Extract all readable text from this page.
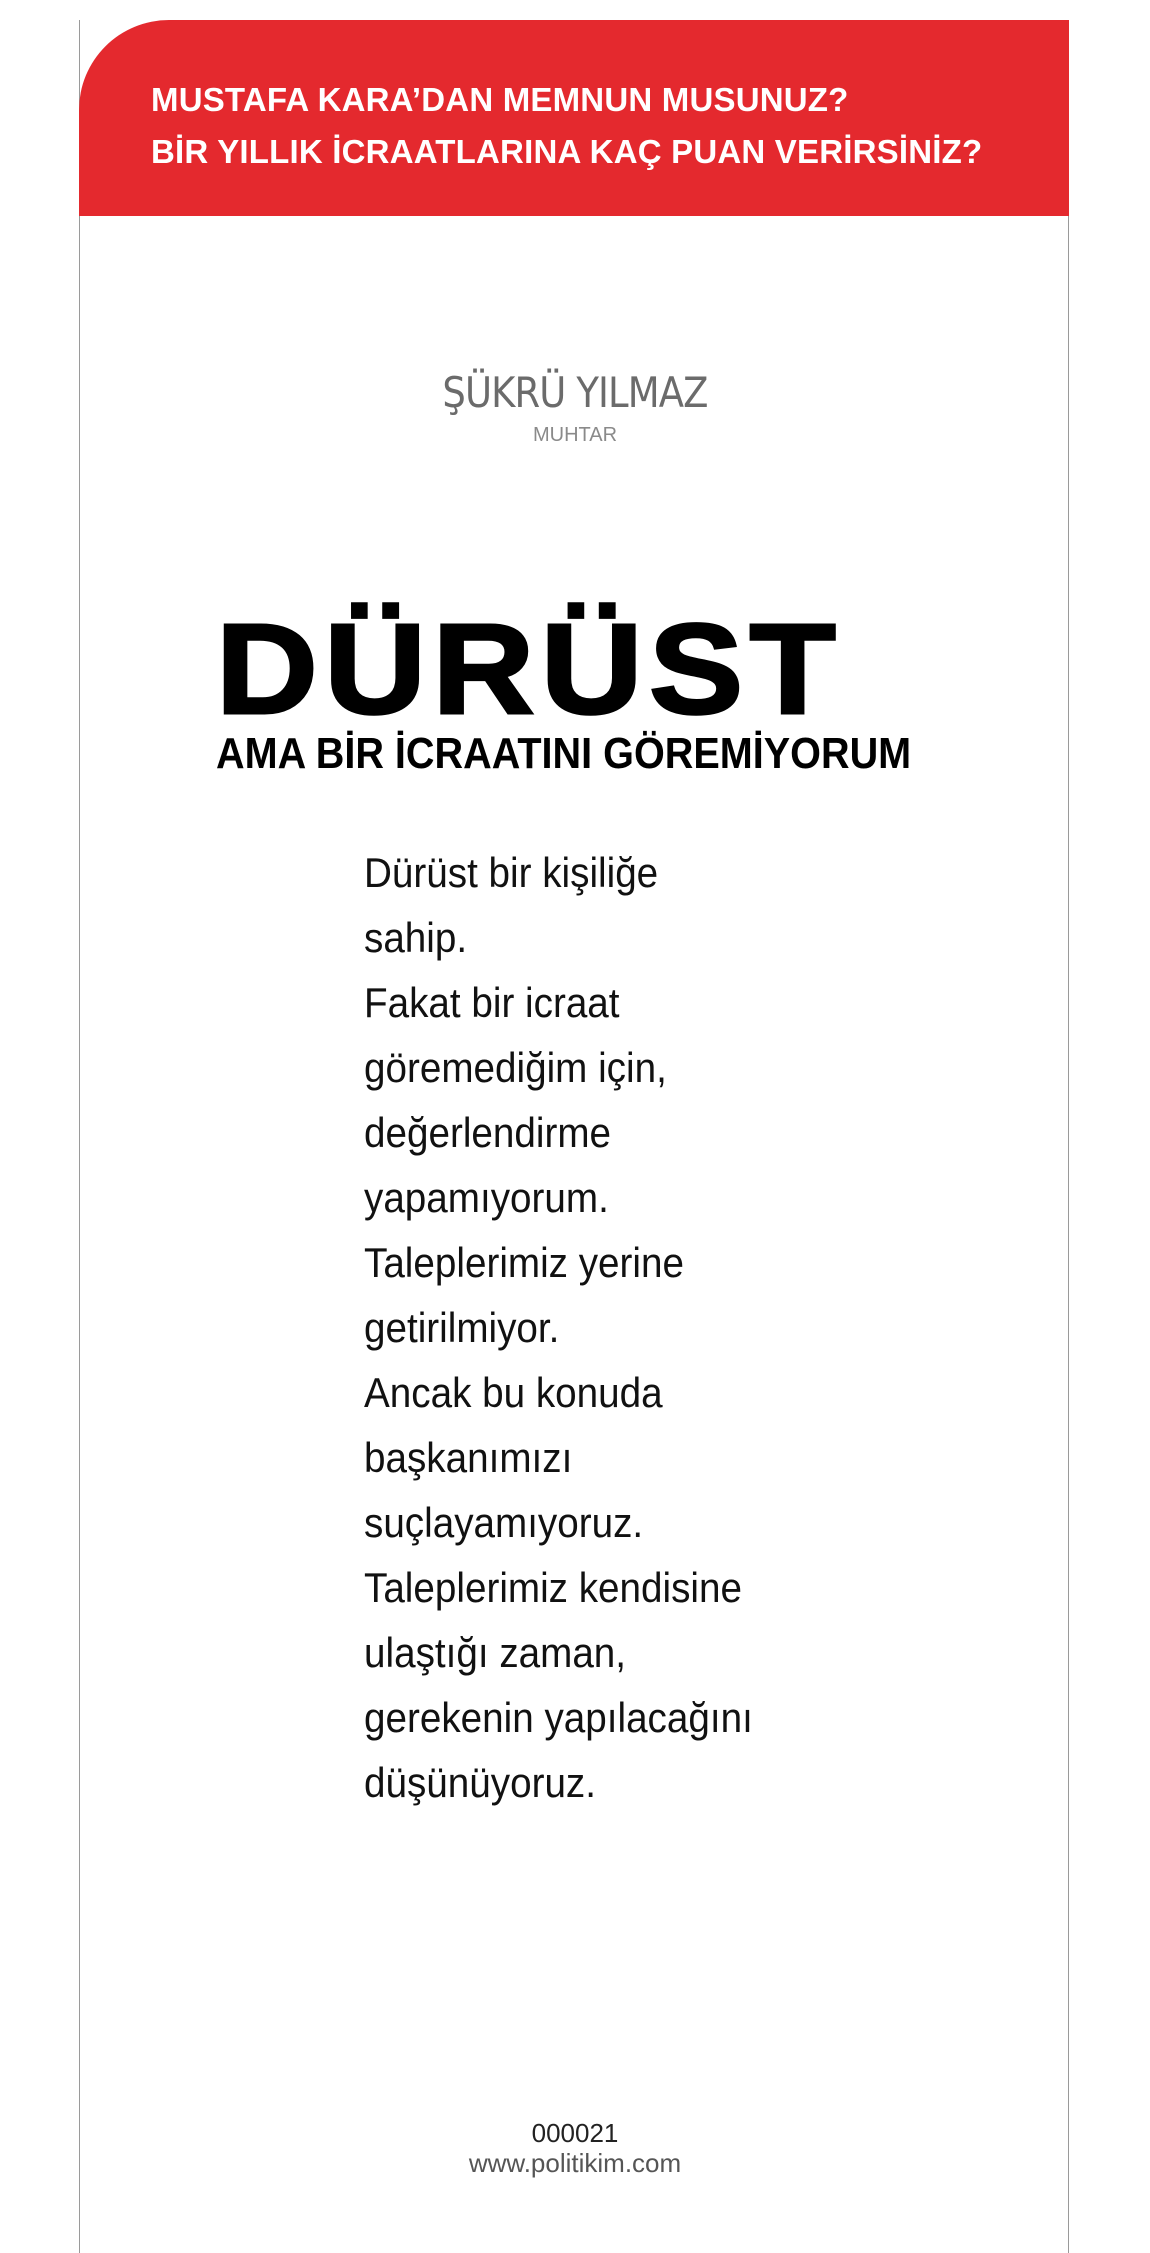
MUSTAFA KARA’DAN MEMNUN MUSUNUZ?
BİR YILLIK İCRAATLARINA KAÇ PUAN VERİRSİNİZ?
ŞÜKRÜ YILMAZ
MUHTAR
DÜRÜST
AMA BİR İCRAATINI GÖREMİYORUM
Dürüst bir kişiliğe
sahip.
Fakat bir icraat
göremediğim için,
değerlendirme
yapamıyorum.
Taleplerimiz yerine
getirilmiyor.
Ancak bu konuda
başkanımızı
suçlayamıyoruz.
Taleplerimiz kendisine
ulaştığı zaman,
gerekenin yapılacağını
düşünüyoruz.
000021
www.politikim.com
